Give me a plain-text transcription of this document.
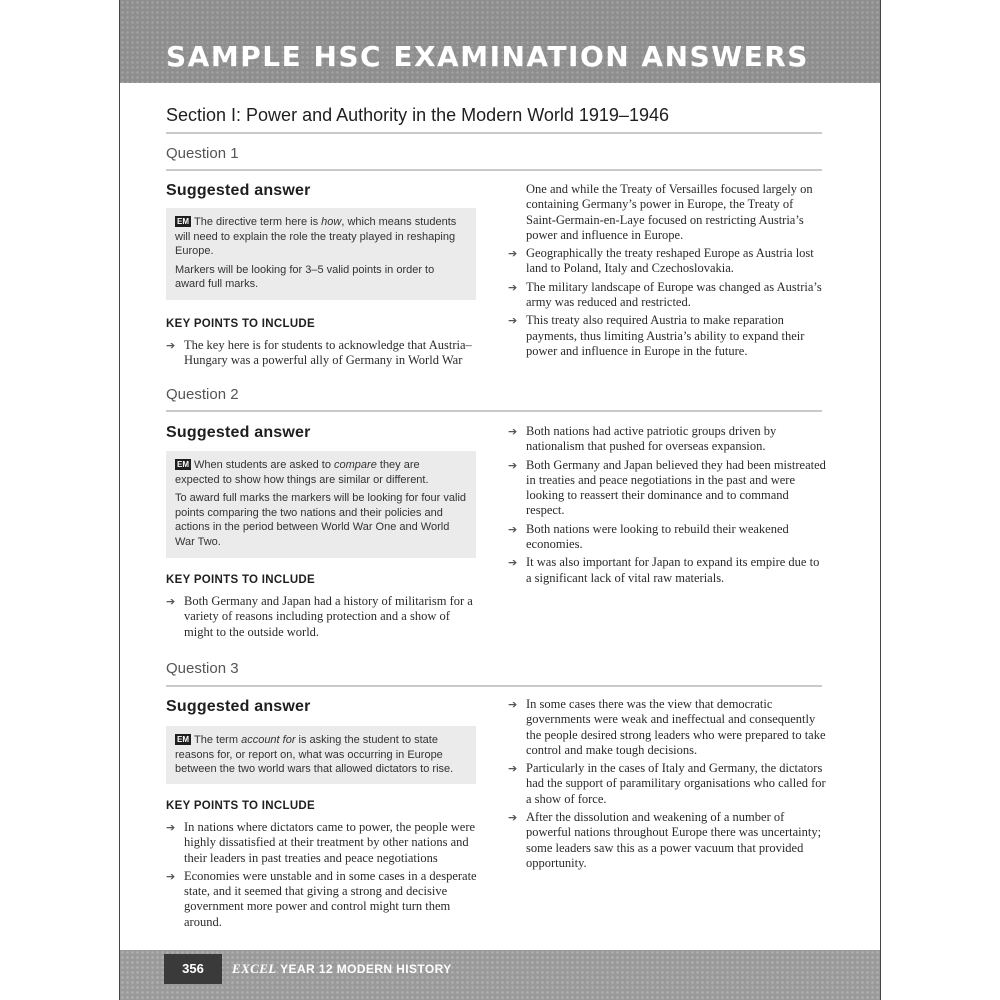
SAMPLE HSC EXAMINATION ANSWERS
Section I: Power and Authority in the Modern World 1919–1946
Question 1
Suggested answer

EM The directive term here is how, which means students will need to explain the role the treaty played in reshaping Europe.

Markers will be looking for 3–5 valid points in order to award full marks.

KEY POINTS TO INCLUDE
➔ The key here is for students to acknowledge that Austria–Hungary was a powerful ally of Germany in World War
One and while the Treaty of Versailles focused largely on containing Germany’s power in Europe, the Treaty of Saint-Germain-en-Laye focused on restricting Austria’s power and influence in Europe.
➔ Geographically the treaty reshaped Europe as Austria lost land to Poland, Italy and Czechoslovakia.
➔ The military landscape of Europe was changed as Austria’s army was reduced and restricted.
➔ This treaty also required Austria to make reparation payments, thus limiting Austria’s ability to expand their power and influence in Europe in the future.
Question 2
Suggested answer

EM When students are asked to compare they are expected to show how things are similar or different.

To award full marks the markers will be looking for four valid points comparing the two nations and their policies and actions in the period between World War One and World War Two.

KEY POINTS TO INCLUDE
➔ Both Germany and Japan had a history of militarism for a variety of reasons including protection and a show of might to the outside world.
➔ Both nations had active patriotic groups driven by nationalism that pushed for overseas expansion.
➔ Both Germany and Japan believed they had been mistreated in treaties and peace negotiations in the past and were looking to reassert their dominance and to command respect.
➔ Both nations were looking to rebuild their weakened economies.
➔ It was also important for Japan to expand its empire due to a significant lack of vital raw materials.
Question 3
Suggested answer

EM The term account for is asking the student to state reasons for, or report on, what was occurring in Europe between the two world wars that allowed dictators to rise.

KEY POINTS TO INCLUDE
➔ In nations where dictators came to power, the people were highly dissatisfied at their treatment by other nations and their leaders in past treaties and peace negotiations
➔ Economies were unstable and in some cases in a desperate state, and it seemed that giving a strong and decisive government more power and control might turn them around.
➔ In some cases there was the view that democratic governments were weak and ineffectual and consequently the people desired strong leaders who were prepared to take control and make tough decisions.
➔ Particularly in the cases of Italy and Germany, the dictators had the support of paramilitary organisations who called for a show of force.
➔ After the dissolution and weakening of a number of powerful nations throughout Europe there was uncertainty; some leaders saw this as a power vacuum that provided opportunity.
356	EXCEL YEAR 12 MODERN HISTORY
